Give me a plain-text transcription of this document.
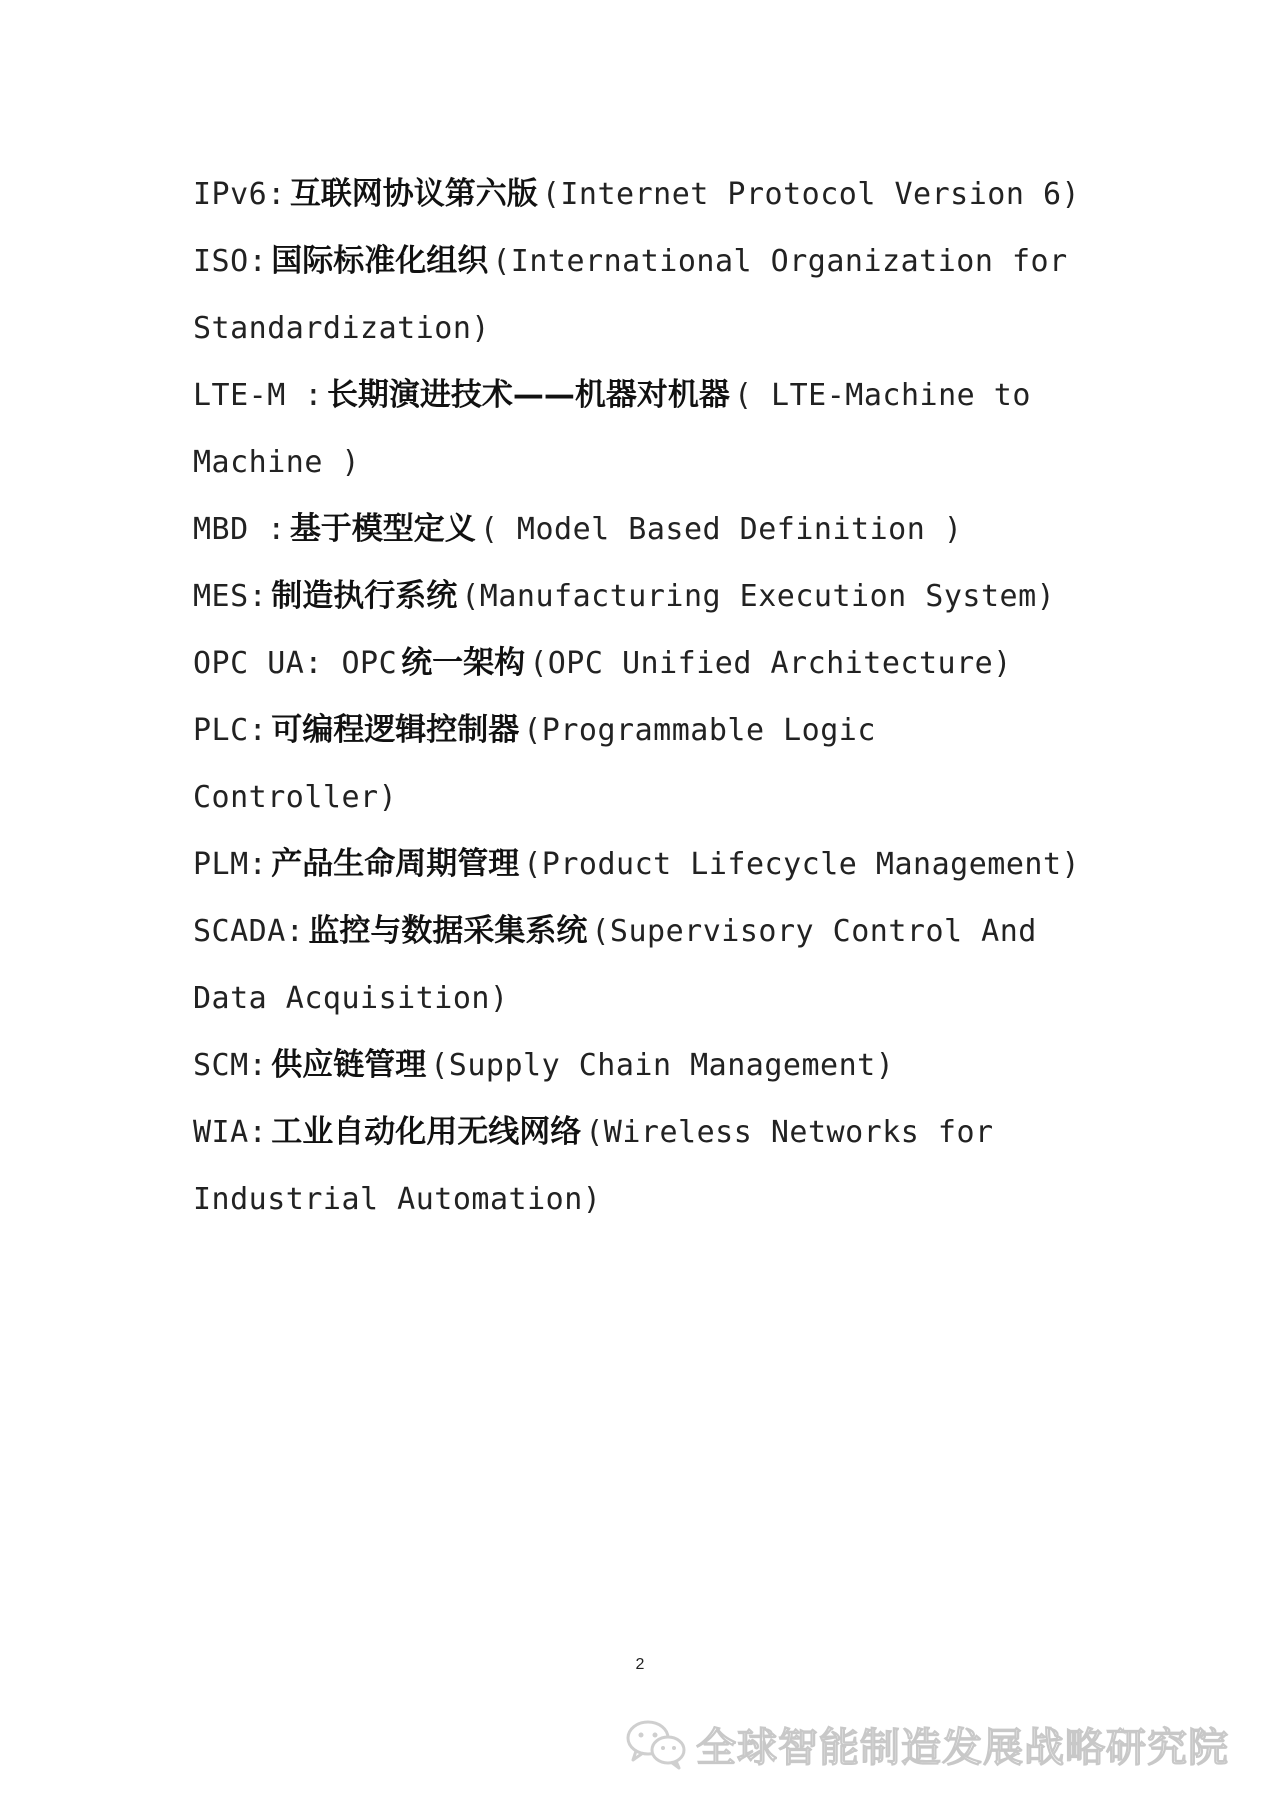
IPv6: 互联网协议第六版 (Internet Protocol Version 6)
ISO: 国际标准化组织 (International Organization for
Standardization)
LTE-M : 长期演进技术——机器对机器 ( LTE-Machine to
Machine )
MBD : 基于模型定义 ( Model Based Definition )
MES: 制造执行系统 (Manufacturing Execution System)
OPC UA: OPC 统一架构 (OPC Unified Architecture)
PLC: 可编程逻辑控制器 (Programmable Logic
Controller)
PLM: 产品生命周期管理 (Product Lifecycle Management)
SCADA: 监控与数据采集系统 (Supervisory Control And
Data Acquisition)
SCM: 供应链管理 (Supply Chain Management)
WIA: 工业自动化用无线网络 (Wireless Networks for
Industrial Automation)
2
全球智能制造发展战略研究院
